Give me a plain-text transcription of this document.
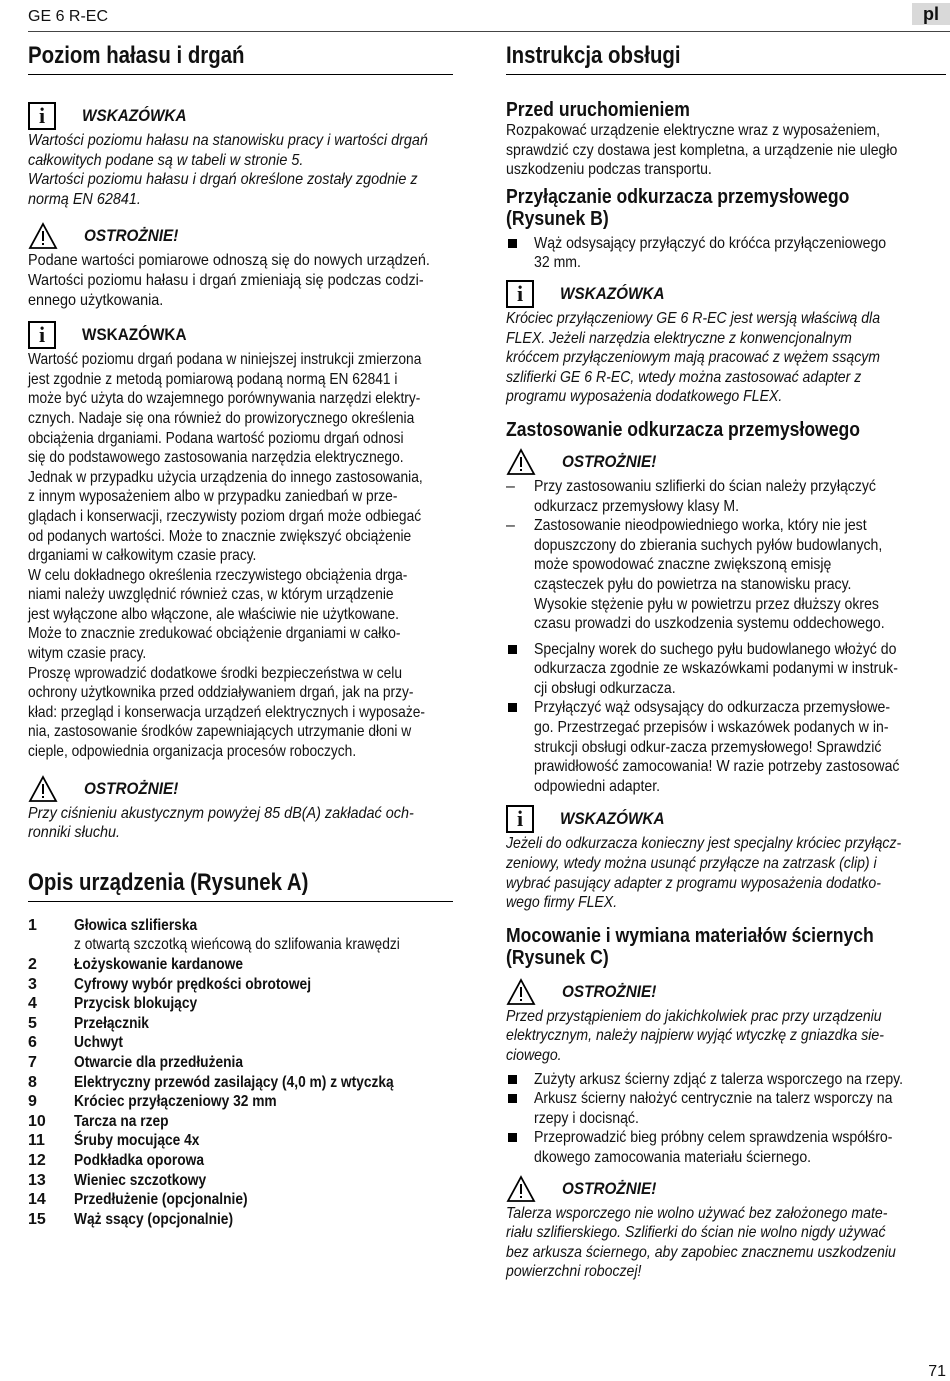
GE 6 R-EC	pl
Poziom hałasu i drgań
i	WSKAZÓWKA

Wartości poziomu hałasu na stanowisku pracy i wartości drgań

całkowitych podane są w tabeli w stronie 5.

Wartości poziomu hałasu i drgań określone zostały zgodnie z

normą EN 62841.

OSTROŻNIE!

Podane wartości pomiarowe odnoszą się do nowych urządzeń.

Wartości poziomu hałasu i drgań zmieniają się podczas codzi-

ennego użytkowania.

i	WSKAZÓWKA

Wartość poziomu drgań podana w niniejszej instrukcji zmierzona

jest zgodnie z metodą pomiarową podaną normą EN 62841 i

może być użyta do wzajemnego porównywania narzędzi elektry-

cznych. Nadaje się ona również do prowizorycznego określenia

obciążenia drganiami. Podana wartość poziomu drgań odnosi

się do podstawowego zastosowania narzędzia elektrycznego.

Jednak w przypadku użycia urządzenia do innego zastosowania,

z innym wyposażeniem albo w przypadku zaniedbań w prze-

glądach i konserwacji, rzeczywisty poziom drgań może odbiegać

od podanych wartości. Może to znacznie zwiększyć obciążenie

drganiami w całkowitym czasie pracy.

W celu dokładnego określenia rzeczywistego obciążenia drga-

niami należy uwzględnić również czas, w którym urządzenie

jest wyłączone albo włączone, ale właściwie nie użytkowane.

Może to znacznie zredukować obciążenie drganiami w całko-

witym czasie pracy.

Proszę wprowadzić dodatkowe środki bezpieczeństwa w celu

ochrony użytkownika przed oddziaływaniem drgań, jak na przy-

kład: przegląd i konserwacja urządzeń elektrycznych i wyposaże-

nia, zastosowanie środków zapewniających utrzymanie dłoni w

cieple, odpowiednia organizacja procesów roboczych.

OSTROŻNIE!

Przy ciśnieniu akustycznym powyżej 85 dB(A) zakładać och-

ronniki słuchu.

Opis urządzenia (Rysunek A)
1	Głowica szlifierska
z otwartą szczotką wieńcową do szlifowania krawędzi
2	Łożyskowanie kardanowe
3	Cyfrowy wybór prędkości obrotowej
4	Przycisk blokujący
5	Przełącznik
6	Uchwyt
7	Otwarcie dla przedłużenia
8	Elektryczny przewód zasilający (4,0 m) z wtyczką
9	Króciec przyłączeniowy 32 mm
10	Tarcza na rzep
11	Śruby mocujące 4x
12	Podkładka oporowa
13	Wieniec szczotkowy
14	Przedłużenie (opcjonalnie)
15	Wąż ssący (opcjonalnie)
Instrukcja obsługi
Przed uruchomieniem

Rozpakować urządzenie elektryczne wraz z wyposażeniem,

sprawdzić czy dostawa jest kompletna, a urządzenie nie uległo

uszkodzeniu podczas transportu.

Przyłączanie odkurzacza przemysłowego
(Rysunek B)

Wąż odsysający przyłączyć do króćca przyłączeniowego

32 mm.

i	WSKAZÓWKA

Króciec przyłączeniowy GE 6 R-EC jest wersją właściwą dla

FLEX. Jeżeli narzędzia elektryczne z konwencjonalnym

króćcem przyłączeniowym mają pracować z wężem ssącym

szlifierki GE 6 R-EC, wtedy można zastosować adapter z

programu wyposażenia dodatkowego FLEX.

Zastosowanie odkurzacza przemysłowego
OSTROŻNIE!
–	Przy zastosowaniu szlifierki do ścian należy przyłączyć

odkurzacz przemysłowy klasy M.

–	Zastosowanie nieodpowiedniego worka, który nie jest

dopuszczony do zbierania suchych pyłów budowlanych,

może spowodować znaczne zwiększoną emisję

cząsteczek pyłu do powietrza na stanowisku pracy.

Wysokie stężenie pyłu w powietrzu przez dłuższy okres

czasu prowadzi do uszkodzenia systemu oddechowego.

Specjalny worek do suchego pyłu budowlanego włożyć do

odkurzacza zgodnie ze wskazówkami podanymi w instruk-

cji obsługi odkurzacza.

Przyłączyć wąż odsysający do odkurzacza przemysłowe-

go. Przestrzegać przepisów i wskazówek podanych w in-

strukcji obsługi odkur-zacza przemysłowego! Sprawdzić

prawidłowość zamocowania! W razie potrzeby zastosować

odpowiedni adapter.

i	WSKAZÓWKA

Jeżeli do odkurzacza konieczny jest specjalny króciec przyłącz-

zeniowy, wtedy można usunąć przyłącze na zatrzask (clip) i

wybrać pasujący adapter z programu wyposażenia dodatko-

wego firmy FLEX.

Mocowanie i wymiana materiałów ściernych
(Rysunek C)
OSTROŻNIE!

Przed przystąpieniem do jakichkolwiek prac przy urządzeniu

elektrycznym, należy najpierw wyjąć wtyczkę z gniazdka sie-

ciowego.

Zużyty arkusz ścierny zdjąć z talerza wsporczego na rzepy.

Arkusz ścierny nałożyć centrycznie na talerz wsporczy na

rzepy i docisnąć.

Przeprowadzić bieg próbny celem sprawdzenia współśro-

dkowego zamocowania materiału ściernego.

OSTROŻNIE!

Talerza wsporczego nie wolno używać bez założonego mate-

riału szlifierskiego. Szlifierki do ścian nie wolno nigdy używać

bez arkusza ściernego, aby zapobiec znacznemu uszkodzeniu

powierzchni roboczej!

71
